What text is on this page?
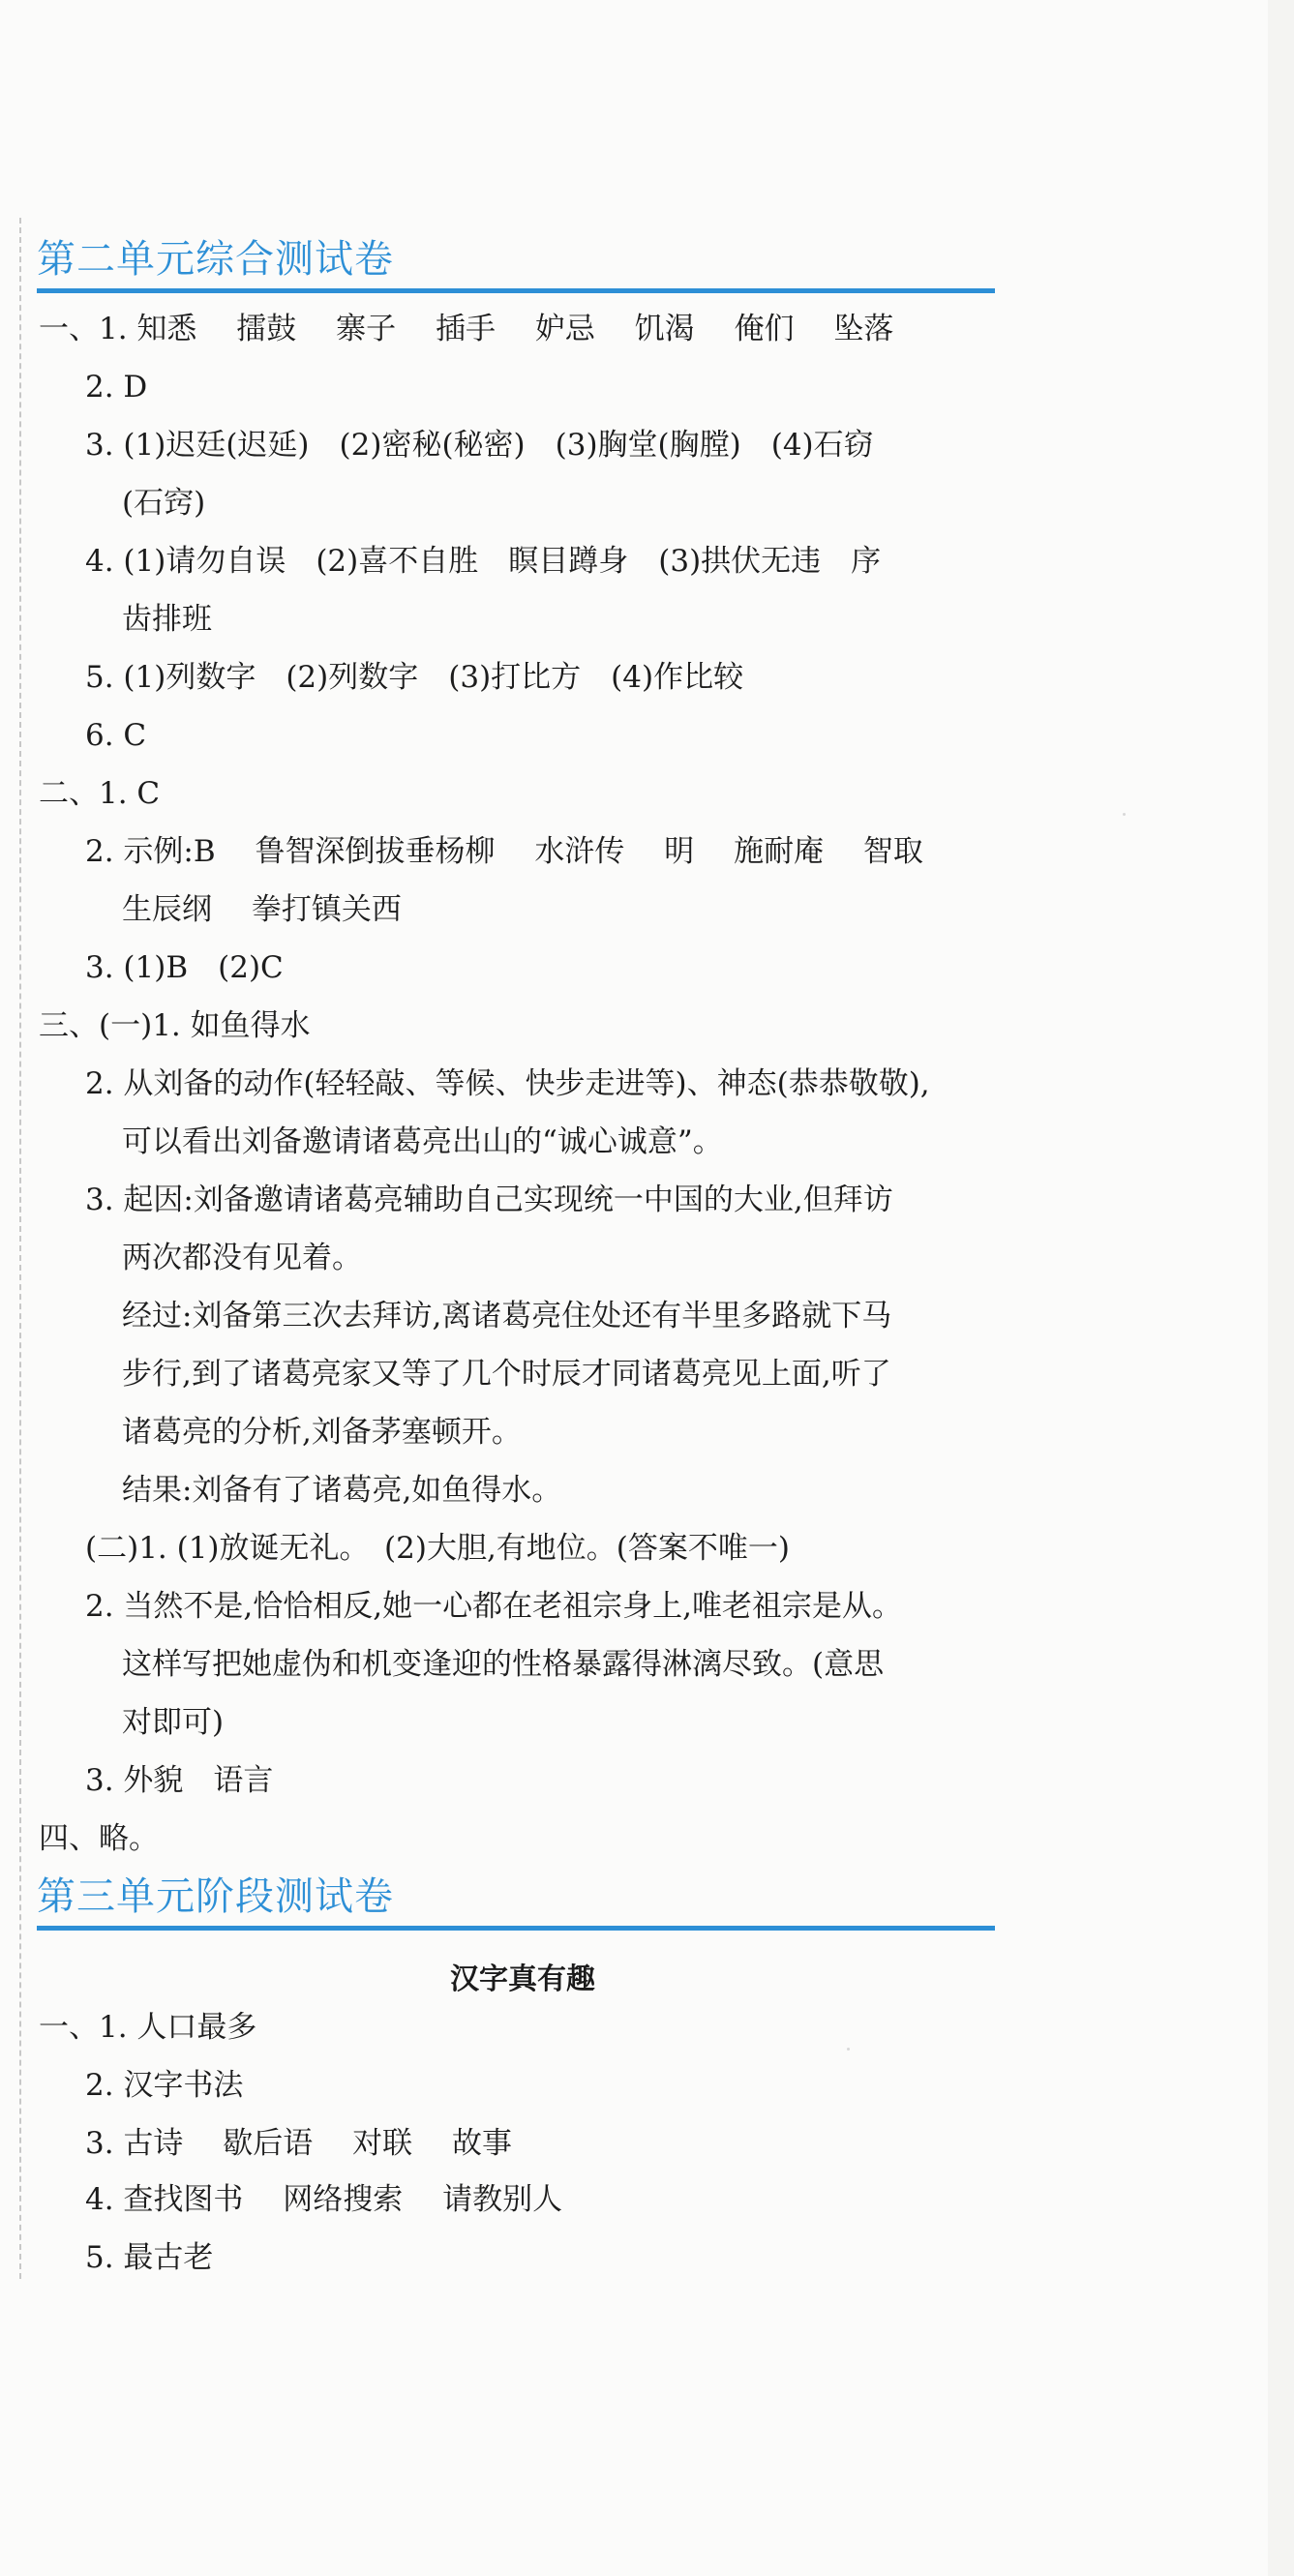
第二单元综合测试卷
一、1. 知悉　 擂鼓　 寨子　 插手　 妒忌　 饥渴　 俺们　 坠落
2. D
3. (1)迟廷(迟延)　(2)密秘(秘密)　(3)胸堂(胸膛)　(4)石窃
(石窍)
4. (1)请勿自误　(2)喜不自胜　瞑目蹲身　(3)拱伏无违　序
齿排班
5. (1)列数字　(2)列数字　(3)打比方　(4)作比较
6. C
二、1. C
2. 示例:B　 鲁智深倒拔垂杨柳　 水浒传　 明　 施耐庵　 智取
生辰纲　 拳打镇关西
3. (1)B　(2)C
三、(一)1. 如鱼得水
2. 从刘备的动作(轻轻敲、等候、快步走进等)、神态(恭恭敬敬),
可以看出刘备邀请诸葛亮出山的“诚心诚意”。
3. 起因:刘备邀请诸葛亮辅助自己实现统一中国的大业,但拜访
两次都没有见着。
经过:刘备第三次去拜访,离诸葛亮住处还有半里多路就下马
步行,到了诸葛亮家又等了几个时辰才同诸葛亮见上面,听了
诸葛亮的分析,刘备茅塞顿开。
结果:刘备有了诸葛亮,如鱼得水。
(二)1. (1)放诞无礼。　(2)大胆,有地位。(答案不唯一)
2. 当然不是,恰恰相反,她一心都在老祖宗身上,唯老祖宗是从。
这样写把她虚伪和机变逢迎的性格暴露得淋漓尽致。(意思
对即可)
3. 外貌　语言
四、略。
第三单元阶段测试卷
汉字真有趣
一、1. 人口最多
2. 汉字书法
3. 古诗　 歇后语　 对联　 故事
4. 查找图书　 网络搜索　 请教别人
5. 最古老
